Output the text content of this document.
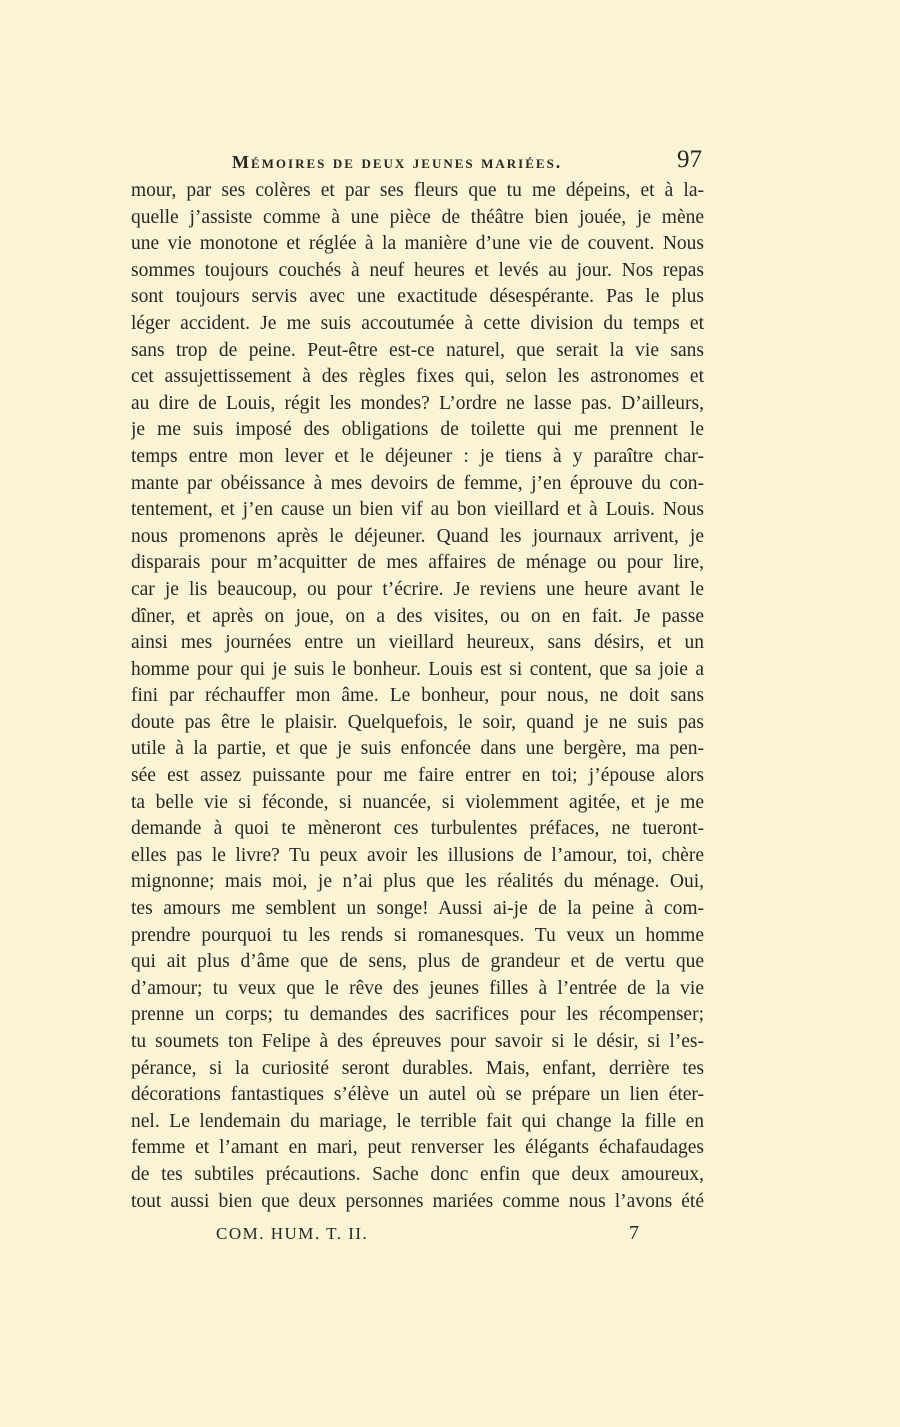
Mémoires de deux jeunes mariées.	97
mour, par ses colères et par ses fleurs que tu me dépeins, et à la-
quelle j’assiste comme à une pièce de théâtre bien jouée, je mène
une vie monotone et réglée à la manière d’une vie de couvent. Nous
sommes toujours couchés à neuf heures et levés au jour. Nos repas
sont toujours servis avec une exactitude désespérante. Pas le plus
léger accident. Je me suis accoutumée à cette division du temps et
sans trop de peine. Peut-être est-ce naturel, que serait la vie sans
cet assujettissement à des règles fixes qui, selon les astronomes et
au dire de Louis, régit les mondes? L’ordre ne lasse pas. D’ailleurs,
je me suis imposé des obligations de toilette qui me prennent le
temps entre mon lever et le déjeuner : je tiens à y paraître char-
mante par obéissance à mes devoirs de femme, j’en éprouve du con-
tentement, et j’en cause un bien vif au bon vieillard et à Louis. Nous
nous promenons après le déjeuner. Quand les journaux arrivent, je
disparais pour m’acquitter de mes affaires de ménage ou pour lire,
car je lis beaucoup, ou pour t’écrire. Je reviens une heure avant le
dîner, et après on joue, on a des visites, ou on en fait. Je passe
ainsi mes journées entre un vieillard heureux, sans désirs, et un
homme pour qui je suis le bonheur. Louis est si content, que sa joie a
fini par réchauffer mon âme. Le bonheur, pour nous, ne doit sans
doute pas être le plaisir. Quelquefois, le soir, quand je ne suis pas
utile à la partie, et que je suis enfoncée dans une bergère, ma pen-
sée est assez puissante pour me faire entrer en toi; j’épouse alors
ta belle vie si féconde, si nuancée, si violemment agitée, et je me
demande à quoi te mèneront ces turbulentes préfaces, ne tueront-
elles pas le livre? Tu peux avoir les illusions de l’amour, toi, chère
mignonne; mais moi, je n’ai plus que les réalités du ménage. Oui,
tes amours me semblent un songe! Aussi ai-je de la peine à com-
prendre pourquoi tu les rends si romanesques. Tu veux un homme
qui ait plus d’âme que de sens, plus de grandeur et de vertu que
d’amour; tu veux que le rêve des jeunes filles à l’entrée de la vie
prenne un corps; tu demandes des sacrifices pour les récompenser;
tu soumets ton Felipe à des épreuves pour savoir si le désir, si l’es-
pérance, si la curiosité seront durables. Mais, enfant, derrière tes
décorations fantastiques s’élève un autel où se prépare un lien éter-
nel. Le lendemain du mariage, le terrible fait qui change la fille en
femme et l’amant en mari, peut renverser les élégants échafaudages
de tes subtiles précautions. Sache donc enfin que deux amoureux,
tout aussi bien que deux personnes mariées comme nous l’avons été
COM. HUM. T. II.	7
